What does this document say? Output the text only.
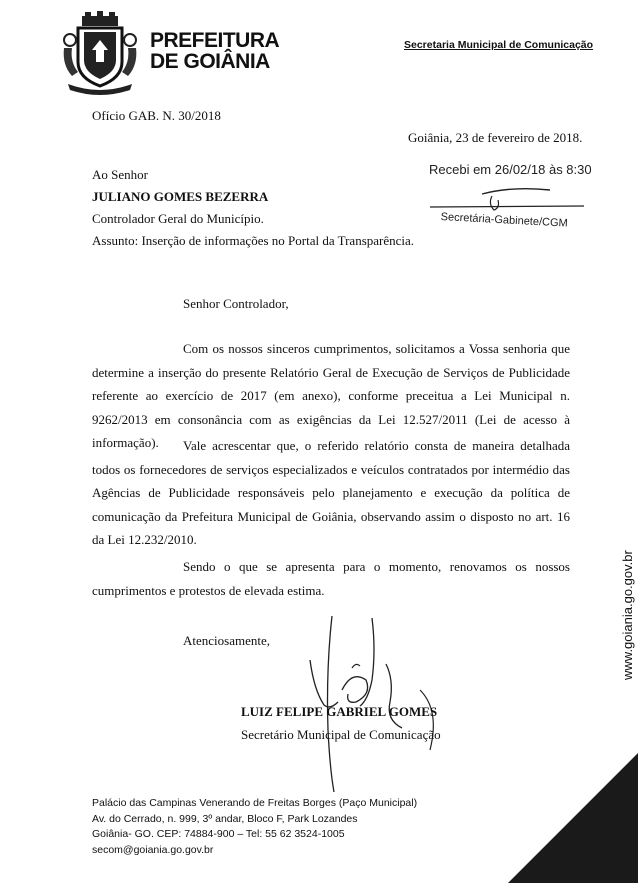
PREFEITURA
DE GOIÂNIA
Secretaria Municipal de Comunicação
Ofício GAB. N. 30/2018
Goiânia, 23 de fevereiro de 2018.
Ao Senhor
JULIANO GOMES BEZERRA
Controlador Geral do Município.
Assunto: Inserção de informações no Portal da Transparência.
Recebi em 26/02/18 às 8:30
Secretária-Gabinete/CGM
Senhor Controlador,
Com os nossos sinceros cumprimentos, solicitamos a Vossa senhoria que determine a inserção do presente Relatório Geral de Execução de Serviços de Publicidade referente ao exercício de 2017 (em anexo), conforme preceitua a Lei Municipal n. 9262/2013 em consonância com as exigências da Lei 12.527/2011 (Lei de acesso à informação).	Vale acrescentar que, o referido relatório consta de maneira detalhada todos os fornecedores de serviços especializados e veículos contratados por intermédio das Agências de Publicidade responsáveis pelo planejamento e execução da política de comunicação da Prefeitura Municipal de Goiânia, observando assim o disposto no art. 16 da Lei 12.232/2010.
Sendo o que se apresenta para o momento, renovamos os nossos cumprimentos e protestos de elevada estima.
Atenciosamente,
LUIZ FELIPE GABRIEL GOMES
Secretário Municipal de Comunicação
Palácio das Campinas Venerando de Freitas Borges (Paço Municipal)
Av. do Cerrado, n. 999, 3º andar, Bloco F, Park Lozandes
Goiânia- GO. CEP: 74884-900 – Tel: 55 62 3524-1005
secom@goiania.go.gov.br
www.goiania.go.gov.br
